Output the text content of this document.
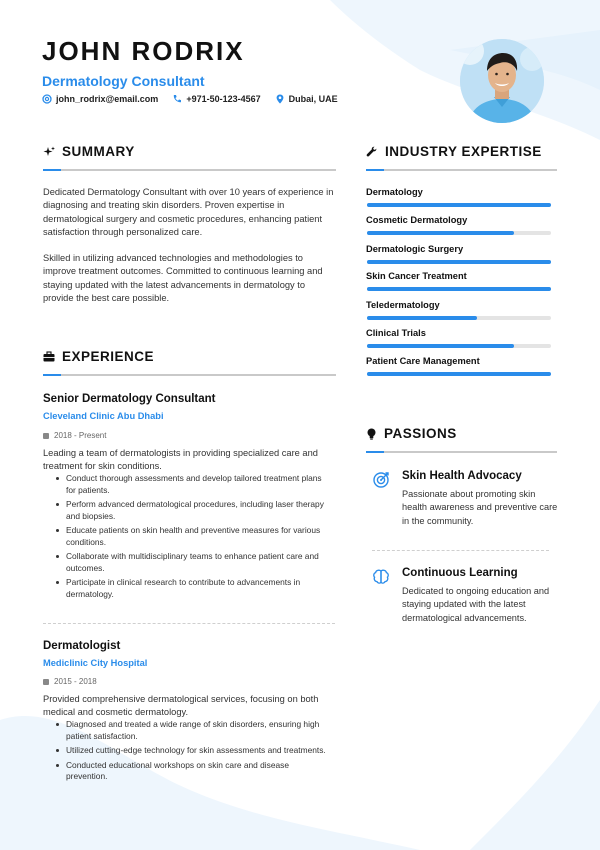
JOHN RODRIX
Dermatology Consultant
john_rodrix@email.com	+971-50-123-4567	Dubai, UAE
SUMMARY
Dedicated Dermatology Consultant with over 10 years of experience in diagnosing and treating skin disorders. Proven expertise in dermatological surgery and cosmetic procedures, enhancing patient satisfaction through personalized care.
Skilled in utilizing advanced technologies and methodologies to improve treatment outcomes. Committed to continuous learning and staying updated with the latest advancements in dermatology to provide the best care possible.
EXPERIENCE
Senior Dermatology Consultant
Cleveland Clinic Abu Dhabi
2018 - Present
Leading a team of dermatologists in providing specialized care and treatment for skin conditions.
Conduct thorough assessments and develop tailored treatment plans for patients.
Perform advanced dermatological procedures, including laser therapy and biopsies.
Educate patients on skin health and preventive measures for various conditions.
Collaborate with multidisciplinary teams to enhance patient care and outcomes.
Participate in clinical research to contribute to advancements in dermatology.
Dermatologist
Mediclinic City Hospital
2015 - 2018
Provided comprehensive dermatological services, focusing on both medical and cosmetic dermatology.
Diagnosed and treated a wide range of skin disorders, ensuring high patient satisfaction.
Utilized cutting-edge technology for skin assessments and treatments.
Conducted educational workshops on skin care and disease prevention.
INDUSTRY EXPERTISE
Dermatology
Cosmetic Dermatology
Dermatologic Surgery
Skin Cancer Treatment
Teledermatology
Clinical Trials
Patient Care Management
PASSIONS
Skin Health Advocacy
Passionate about promoting skin health awareness and preventive care in the community.
Continuous Learning
Dedicated to ongoing education and staying updated with the latest dermatological advancements.
